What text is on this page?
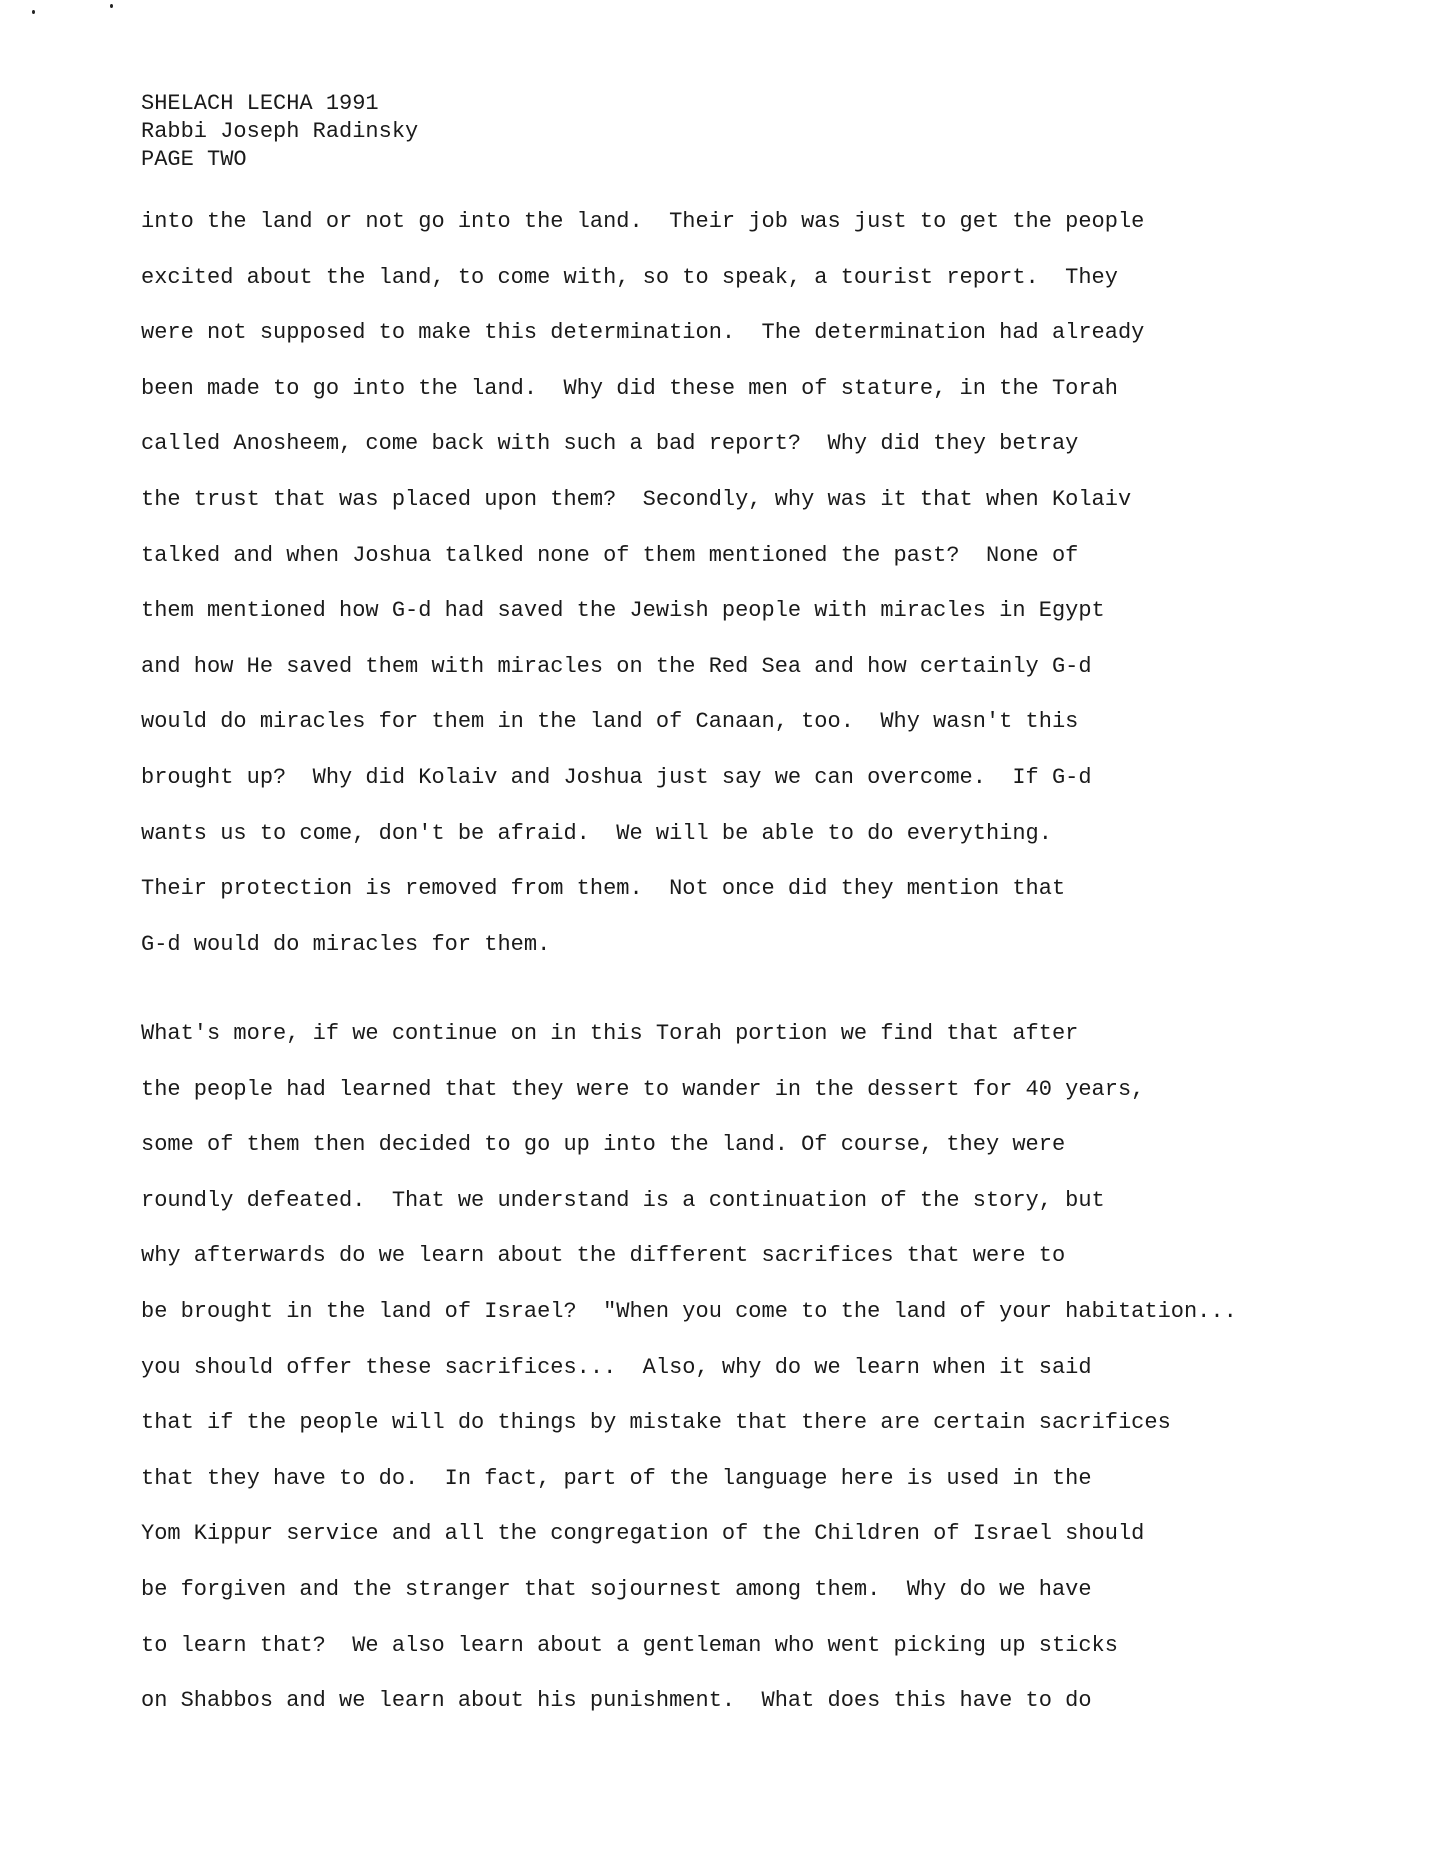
SHELACH LECHA 1991
Rabbi Joseph Radinsky
PAGE TWO
into the land or not go into the land.  Their job was just to get the people
excited about the land, to come with, so to speak, a tourist report.  They
were not supposed to make this determination.  The determination had already
been made to go into the land.  Why did these men of stature, in the Torah
called Anosheem, come back with such a bad report?  Why did they betray
the trust that was placed upon them?  Secondly, why was it that when Kolaiv
talked and when Joshua talked none of them mentioned the past?  None of
them mentioned how G-d had saved the Jewish people with miracles in Egypt
and how He saved them with miracles on the Red Sea and how certainly G-d
would do miracles for them in the land of Canaan, too.  Why wasn't this
brought up?  Why did Kolaiv and Joshua just say we can overcome.  If G-d
wants us to come, don't be afraid.  We will be able to do everything.
Their protection is removed from them.  Not once did they mention that
G-d would do miracles for them.
What's more, if we continue on in this Torah portion we find that after
the people had learned that they were to wander in the dessert for 40 years,
some of them then decided to go up into the land. Of course, they were
roundly defeated.  That we understand is a continuation of the story, but
why afterwards do we learn about the different sacrifices that were to
be brought in the land of Israel?  "When you come to the land of your habitation...
you should offer these sacrifices...  Also, why do we learn when it said
that if the people will do things by mistake that there are certain sacrifices
that they have to do.  In fact, part of the language here is used in the
Yom Kippur service and all the congregation of the Children of Israel should
be forgiven and the stranger that sojournest among them.  Why do we have
to learn that?  We also learn about a gentleman who went picking up sticks
on Shabbos and we learn about his punishment.  What does this have to do
